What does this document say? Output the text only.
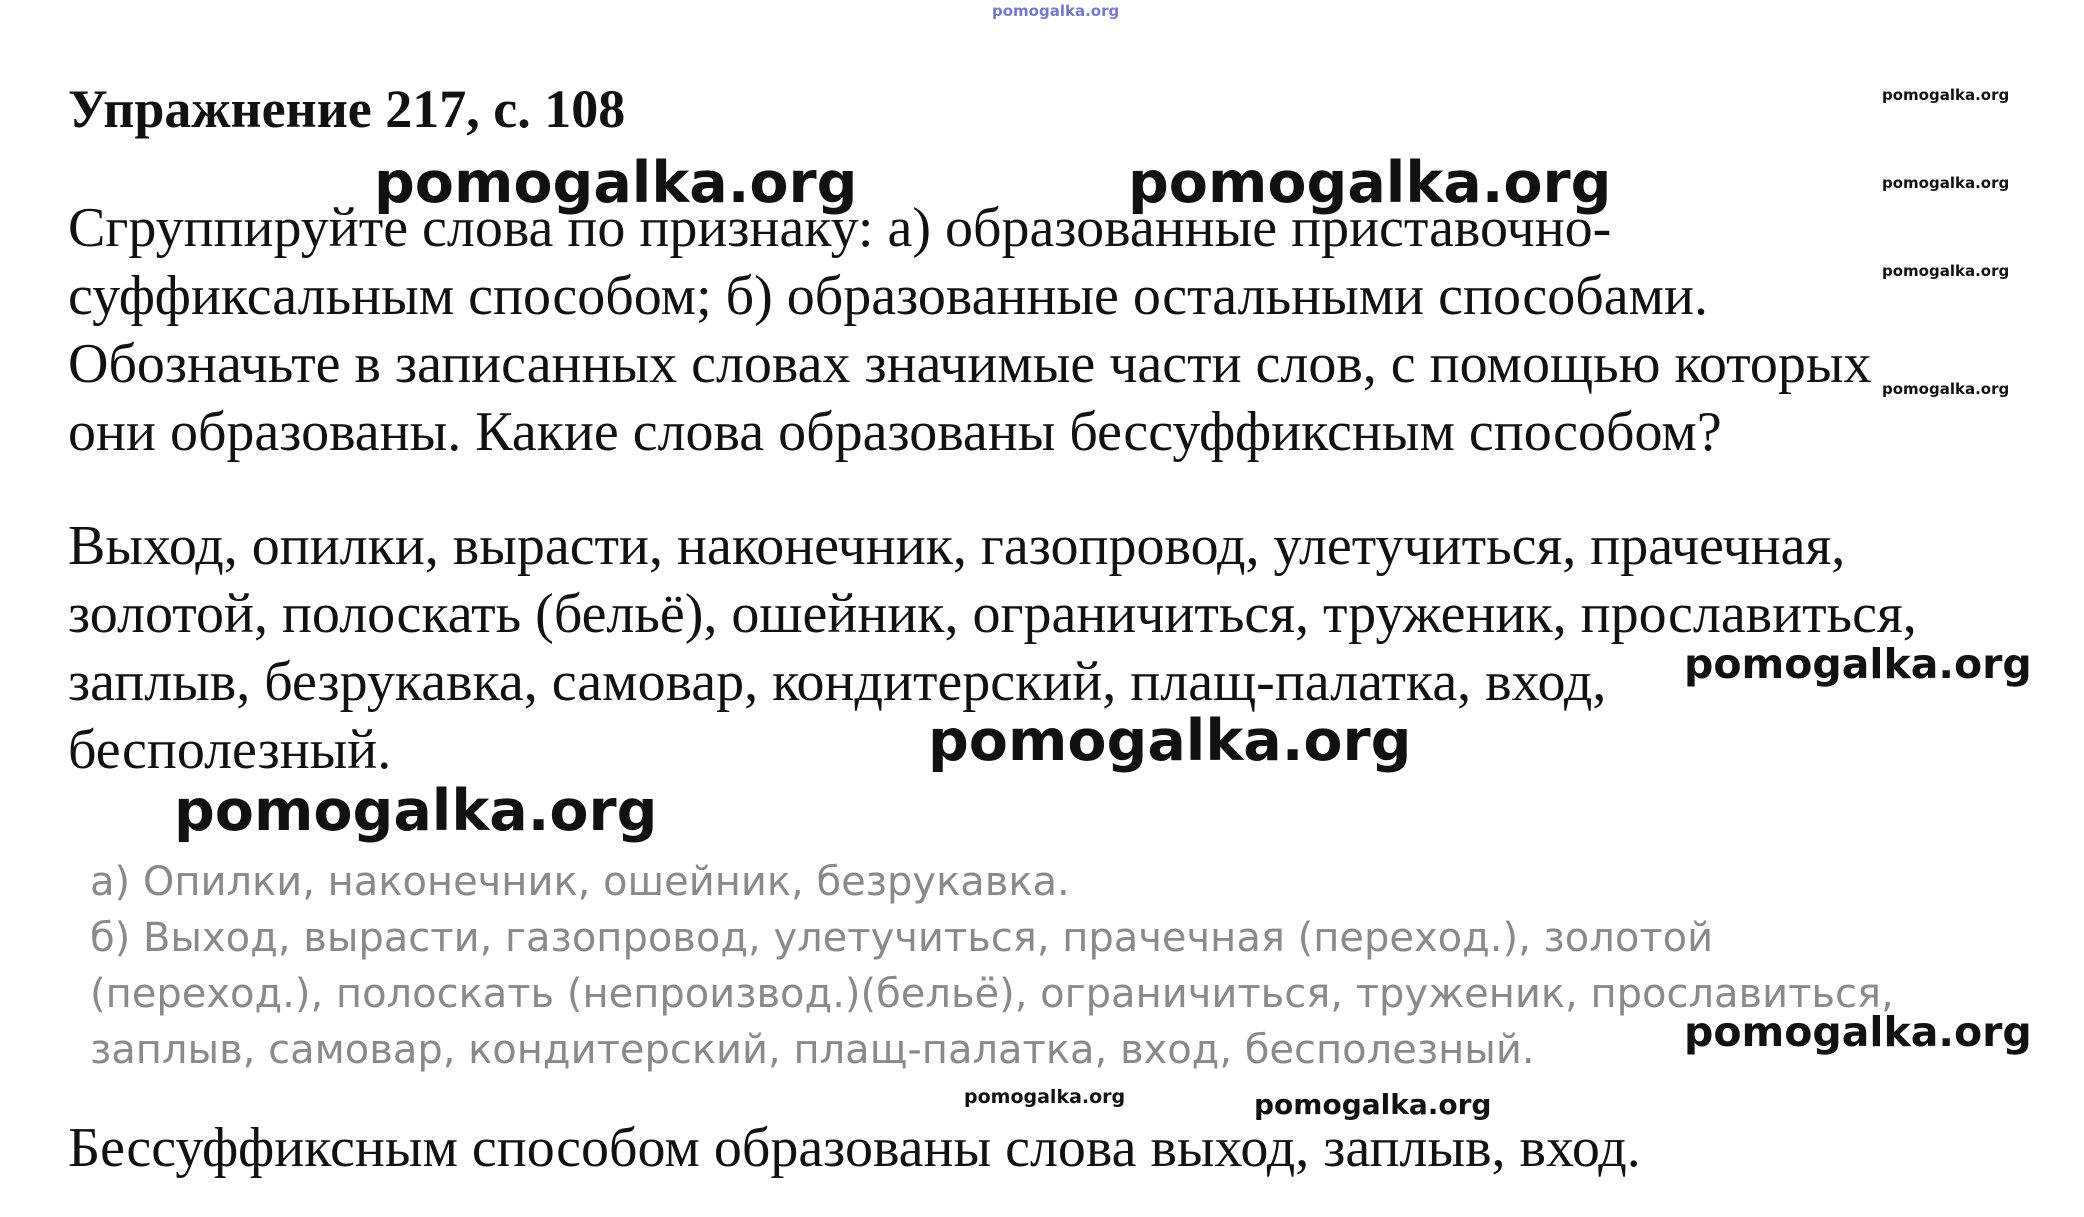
pomogalka.org
Упражнение 217, с. 108
Сгруппируйте слова по признаку: а) образованные приставочно-
суффиксальным способом; б) образованные остальными способами.
Обозначьте в записанных словах значимые части слов, с помощью которых
они образованы. Какие слова образованы бессуффиксным способом?
Выход, опилки, вырасти, наконечник, газопровод, улетучиться, прачечная,
золотой, полоскать (бельё), ошейник, ограничиться, труженик, прославиться,
заплыв, безрукавка, самовар, кондитерский, плащ-палатка, вход,
бесполезный.
а) Опилки, наконечник, ошейник, безрукавка.
б) Выход, вырасти, газопровод, улетучиться, прачечная (переход.), золотой
(переход.), полоскать (непроизвод.)(бельё), ограничиться, труженик, прославиться,
заплыв, самовар, кондитерский, плащ-палатка, вход, бесполезный.
Бессуффиксным способом образованы слова выход, заплыв, вход.
pomogalka.org	pomogalka.org
pomogalka.org
pomogalka.org
pomogalka.org
pomogalka.org
pomogalka.org
pomogalka.org
pomogalka.org
pomogalka.org
pomogalka.org
pomogalka.org
